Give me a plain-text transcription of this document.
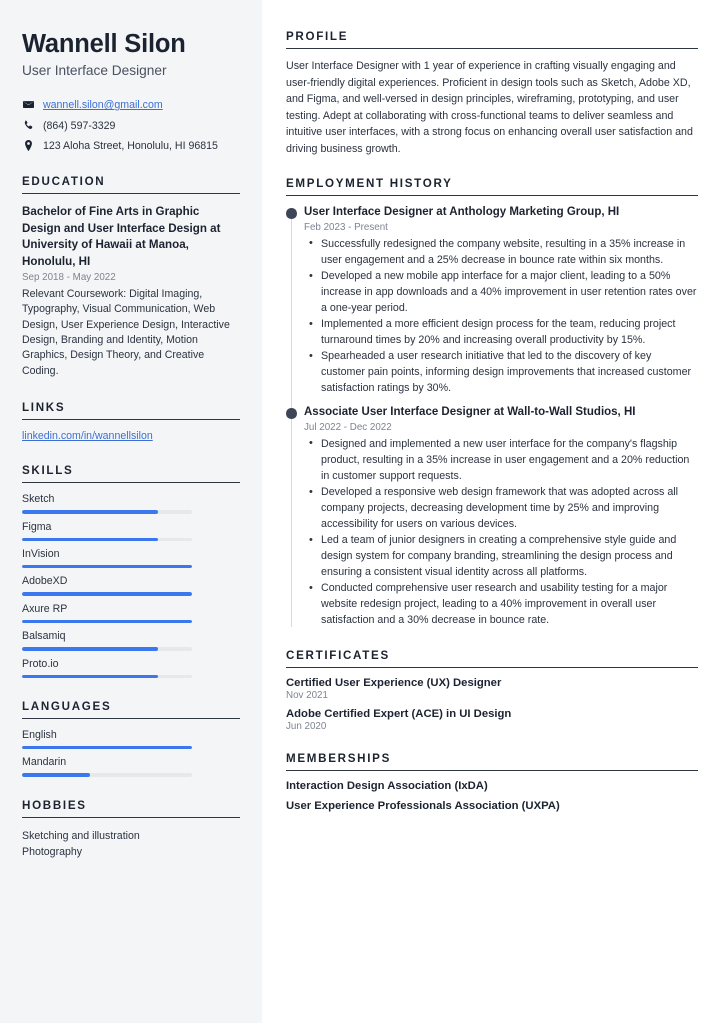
Wannell Silon
User Interface Designer
wannell.silon@gmail.com
(864) 597-3329
123 Aloha Street, Honolulu, HI 96815
EDUCATION
Bachelor of Fine Arts in Graphic Design and User Interface Design at University of Hawaii at Manoa, Honolulu, HI
Sep 2018 - May 2022
Relevant Coursework: Digital Imaging, Typography, Visual Communication, Web Design, User Experience Design, Interactive Design, Branding and Identity, Motion Graphics, Design Theory, and Creative Coding.
LINKS
linkedin.com/in/wannellsilon
SKILLS
Sketch
Figma
InVision
AdobeXD
Axure RP
Balsamiq
Proto.io
LANGUAGES
English
Mandarin
HOBBIES
Sketching and illustration
Photography
PROFILE

User Interface Designer with 1 year of experience in crafting visually engaging and user-friendly digital experiences. Proficient in design tools such as Sketch, Adobe XD, and Figma, and well-versed in design principles, wireframing, prototyping, and user testing. Adept at collaborating with cross-functional teams to deliver seamless and intuitive user interfaces, with a strong focus on enhancing overall user satisfaction and driving business growth.

EMPLOYMENT HISTORY
User Interface Designer at Anthology Marketing Group, HI
Feb 2023 - Present
• Successfully redesigned the company website, resulting in a 35% increase in user engagement and a 25% decrease in bounce rate within six months.
• Developed a new mobile app interface for a major client, leading to a 50% increase in app downloads and a 40% improvement in user retention rates over a one-year period.
• Implemented a more efficient design process for the team, reducing project turnaround times by 20% and increasing overall productivity by 15%.
• Spearheaded a user research initiative that led to the discovery of key customer pain points, informing design improvements that increased customer satisfaction ratings by 30%.
Associate User Interface Designer at Wall-to-Wall Studios, HI
Jul 2022 - Dec 2022
• Designed and implemented a new user interface for the company's flagship product, resulting in a 35% increase in user engagement and a 20% reduction in customer support requests.
• Developed a responsive web design framework that was adopted across all company projects, decreasing development time by 25% and improving accessibility for users on various devices.
• Led a team of junior designers in creating a comprehensive style guide and design system for company branding, streamlining the design process and ensuring a consistent visual identity across all platforms.
• Conducted comprehensive user research and usability testing for a major website redesign project, leading to a 40% improvement in overall user satisfaction and a 30% decrease in bounce rate.
CERTIFICATES
Certified User Experience (UX) Designer
Nov 2021
Adobe Certified Expert (ACE) in UI Design
Jun 2020
MEMBERSHIPS
Interaction Design Association (IxDA)
User Experience Professionals Association (UXPA)
